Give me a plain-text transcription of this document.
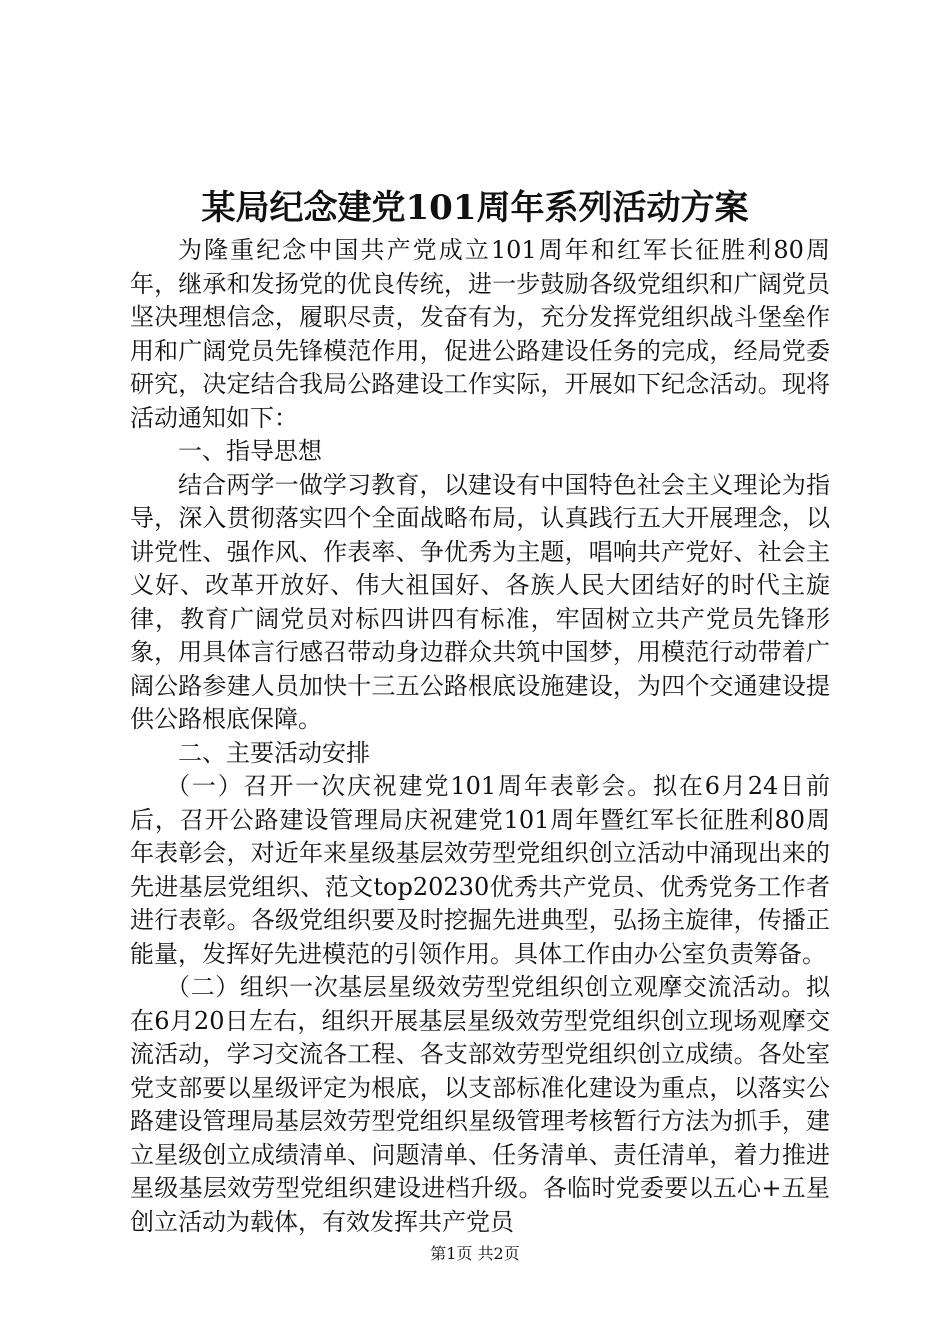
某局纪念建党101周年系列活动方案

为隆重纪念中国共产党成立101周年和红军长征胜利80周年，继承和发扬党的优良传统，进一步鼓励各级党组织和广阔党员坚决理想信念，履职尽责，发奋有为，充分发挥党组织战斗堡垒作用和广阔党员先锋模范作用，促进公路建设任务的完成，经局党委研究，决定结合我局公路建设工作实际，开展如下纪念活动。现将活动通知如下：

一、指导思想

结合两学一做学习教育，以建设有中国特色社会主义理论为指导，深入贯彻落实四个全面战略布局，认真践行五大开展理念，以讲党性、强作风、作表率、争优秀为主题，唱响共产党好、社会主义好、改革开放好、伟大祖国好、各族人民大团结好的时代主旋律，教育广阔党员对标四讲四有标准，牢固树立共产党员先锋形象，用具体言行感召带动身边群众共筑中国梦，用模范行动带着广阔公路参建人员加快十三五公路根底设施建设，为四个交通建设提供公路根底保障。

二、主要活动安排

（一）召开一次庆祝建党101周年表彰会。拟在6月24日前后，召开公路建设管理局庆祝建党101周年暨红军长征胜利80周年表彰会，对近年来星级基层效劳型党组织创立活动中涌现出来的先进基层党组织、范文top20230优秀共产党员、优秀党务工作者进行表彰。各级党组织要及时挖掘先进典型，弘扬主旋律，传播正能量，发挥好先进模范的引领作用。具体工作由办公室负责筹备。

（二）组织一次基层星级效劳型党组织创立观摩交流活动。拟在6月20日左右，组织开展基层星级效劳型党组织创立现场观摩交流活动，学习交流各工程、各支部效劳型党组织创立成绩。各处室党支部要以星级评定为根底，以支部标准化建设为重点，以落实公路建设管理局基层效劳型党组织星级管理考核暂行方法为抓手，建立星级创立成绩清单、问题清单、任务清单、责任清单，着力推进星级基层效劳型党组织建设进档升级。各临时党委要以五心+五星创立活动为载体，有效发挥共产党员

第1页 共2页
